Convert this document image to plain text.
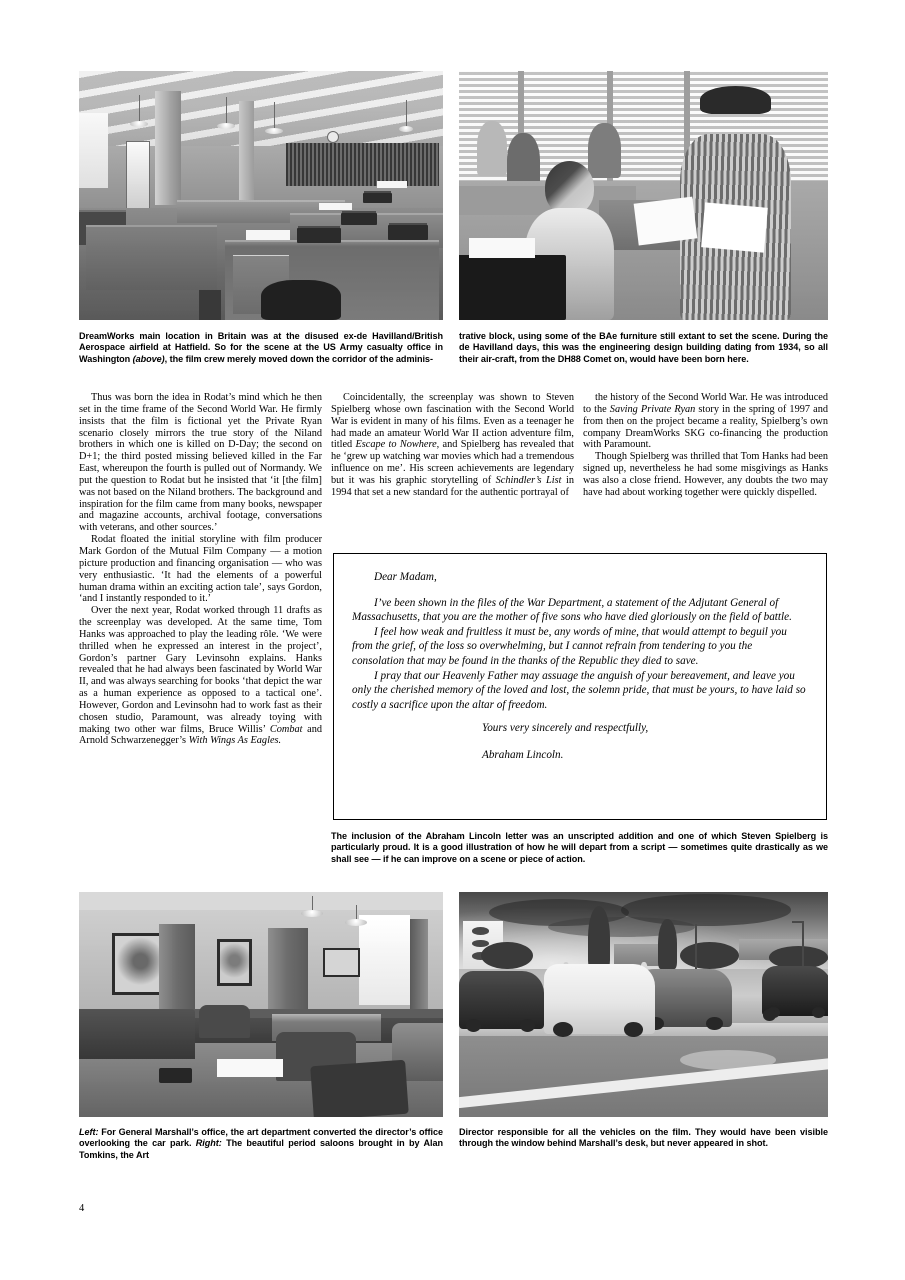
DreamWorks main location in Britain was at the disused ex-de Havilland/British Aerospace airfield at Hatfield. So for the scene at the US Army casualty office in Washington (above), the film crew merely moved down the corridor of the adminis-
trative block, using some of the BAe furniture still extant to set the scene. During the de Havilland days, this was the engineering design building dating from 1934, so all their air-craft, from the DH88 Comet on, would have been born here.

Thus was born the idea in Rodat’s mind which he then set in the time frame of the Second World War. He firmly insists that the film is fictional yet the Private Ryan scenario closely mirrors the true story of the Niland brothers in which one is killed on D-Day; the second on D+1; the third posted missing believed killed in the Far East, whereupon the fourth is pulled out of Normandy. We put the question to Rodat but he insisted that ‘it [the film] was not based on the Niland brothers. The background and inspiration for the film came from many books, newspaper and magazine accounts, archival footage, conversations with veterans, and other sources.’

Rodat floated the initial storyline with film producer Mark Gordon of the Mutual Film Company — a motion picture production and financing organisation — who was very enthusiastic. ‘It had the elements of a powerful human drama within an exciting action tale’, says Gordon, ‘and I instantly responded to it.’

Over the next year, Rodat worked through 11 drafts as the screenplay was developed. At the same time, Tom Hanks was approached to play the leading rôle. ‘We were thrilled when he expressed an interest in the project’, Gordon’s partner Gary Levinsohn explains. Hanks revealed that he had always been fascinated by World War II, and was always searching for books ‘that depict the war as a human experience as opposed to a tactical one’. However, Gordon and Levinsohn had to work fast as their chosen studio, Paramount, was already toying with making two other war films, Bruce Willis’ Combat and Arnold Schwarzenegger’s With Wings As Eagles.

Coincidentally, the screenplay was shown to Steven Spielberg whose own fascination with the Second World War is evident in many of his films. Even as a teenager he had made an amateur World War II action adventure film, titled Escape to Nowhere, and Spielberg has revealed that he ‘grew up watching war movies which had a tremendous influence on me’. His screen achievements are legendary but it was his graphic storytelling of Schindler’s List in 1994 that set a new standard for the authentic portrayal of

the history of the Second World War. He was introduced to the Saving Private Ryan story in the spring of 1997 and from then on the project became a reality, Spielberg’s own company DreamWorks SKG co-financing the production with Paramount.

Though Spielberg was thrilled that Tom Hanks had been signed up, nevertheless he had some misgivings as Hanks was also a close friend. However, any doubts the two may have had about working together were quickly dispelled.

Dear Madam,

I’ve been shown in the files of the War Department, a statement of the Adjutant General of Massachusetts, that you are the mother of five sons who have died gloriously on the field of battle.

I feel how weak and fruitless it must be, any words of mine, that would attempt to beguil you from the grief, of the loss so overwhelming, but I cannot refrain from tendering to you the consolation that may be found in the thanks of the Republic they died to save.

I pray that our Heavenly Father may assuage the anguish of your bereavement, and leave you only the cherished memory of the loved and lost, the solemn pride, that must be yours, to have laid so costly a sacrifice upon the altar of freedom.

Yours very sincerely and respectfully,

Abraham Lincoln.

The inclusion of the Abraham Lincoln letter was an unscripted addition and one of which Steven Spielberg is particularly proud. It is a good illustration of how he will depart from a script — sometimes quite drastically as we shall see — if he can improve on a scene or piece of action.
Left: For General Marshall’s office, the art department converted the director’s office overlooking the car park. Right: The beautiful period saloons brought in by Alan Tomkins, the Art
Director responsible for all the vehicles on the film. They would have been visible through the window behind Marshall’s desk, but never appeared in shot.
4
